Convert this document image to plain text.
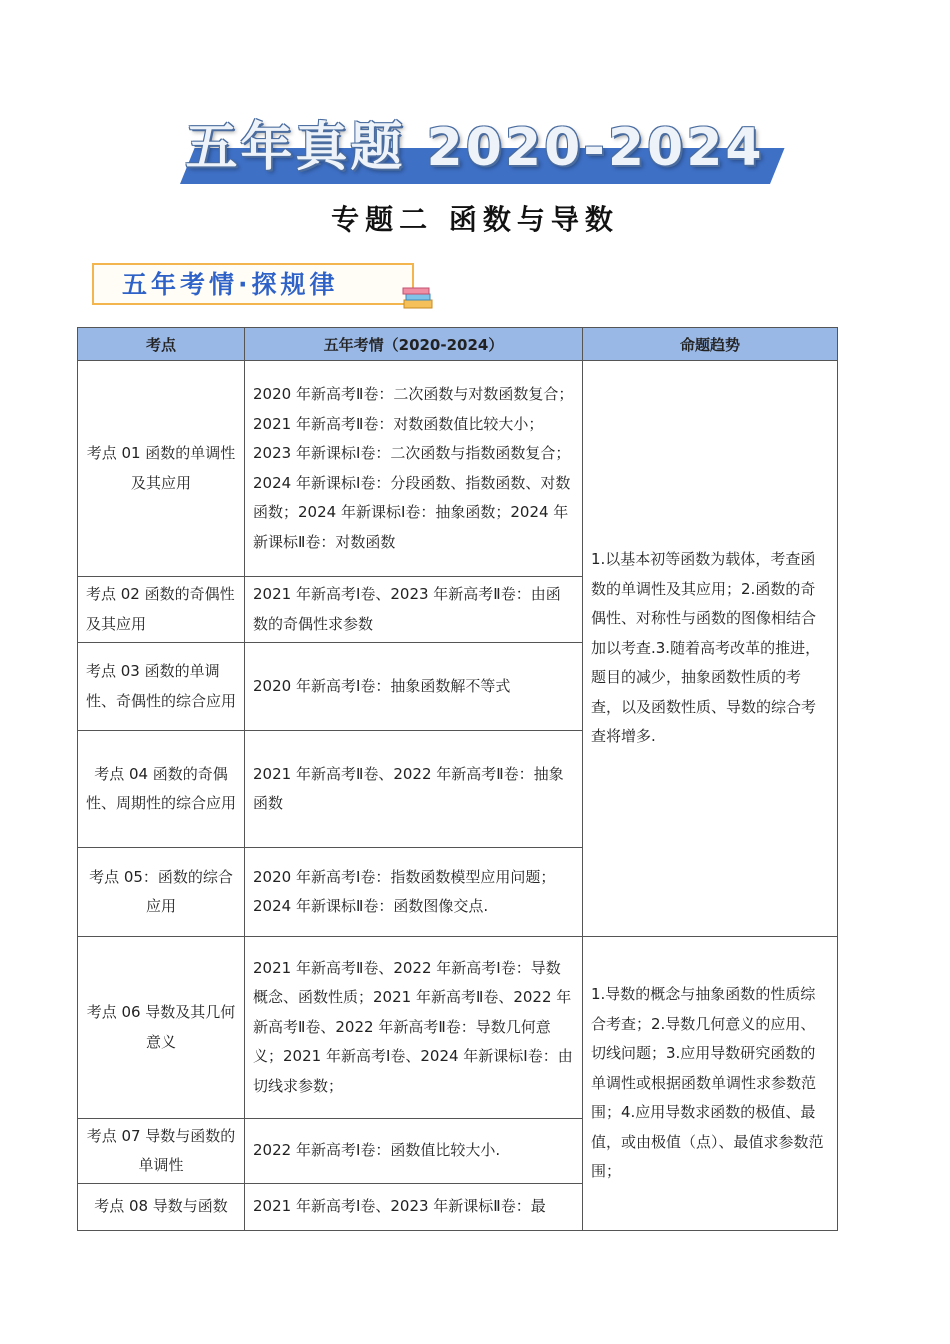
五年真题 2020-2024
专题二 函数与导数
五年考情·探规律
考点	五年考情（2020-2024）	命题趋势
考点 01 函数的单调性及其应用	2020 年新高考Ⅱ卷：二次函数与对数函数复合；2021 年新高考Ⅱ卷：对数函数值比较大小；2023 年新课标Ⅰ卷：二次函数与指数函数复合；2024 年新课标Ⅰ卷：分段函数、指数函数、对数函数；2024 年新课标Ⅰ卷：抽象函数；2024 年新课标Ⅱ卷：对数函数	1.以基本初等函数为载体，考查函数的单调性及其应用；2.函数的奇偶性、对称性与函数的图像相结合加以考查.3.随着高考改革的推进，题目的减少，抽象函数性质的考查，以及函数性质、导数的综合考查将增多.
考点 02 函数的奇偶性及其应用	2021 年新高考Ⅰ卷、2023 年新高考Ⅱ卷：由函数的奇偶性求参数	
考点 03 函数的单调性、奇偶性的综合应用	2020 年新高考Ⅰ卷：抽象函数解不等式	
考点 04 函数的奇偶性、周期性的综合应用	2021 年新高考Ⅱ卷、2022 年新高考Ⅱ卷：抽象函数	
考点 05：函数的综合应用	2020 年新高考Ⅰ卷：指数函数模型应用问题；2024 年新课标Ⅱ卷：函数图像交点.	
考点 06 导数及其几何意义	2021 年新高考Ⅱ卷、2022 年新高考Ⅰ卷：导数概念、函数性质；2021 年新高考Ⅱ卷、2022 年新高考Ⅱ卷、2022 年新高考Ⅱ卷：导数几何意义；2021 年新高考Ⅰ卷、2024 年新课标Ⅰ卷：由切线求参数；	1.导数的概念与抽象函数的性质综合考查；2.导数几何意义的应用、切线问题；3.应用导数研究函数的单调性或根据函数单调性求参数范围；4.应用导数求函数的极值、最值，或由极值（点）、最值求参数范围；
考点 07 导数与函数的单调性	2022 年新高考Ⅰ卷：函数值比较大小.	
考点 08 导数与函数	2021 年新高考Ⅰ卷、2023 年新课标Ⅱ卷：最	
